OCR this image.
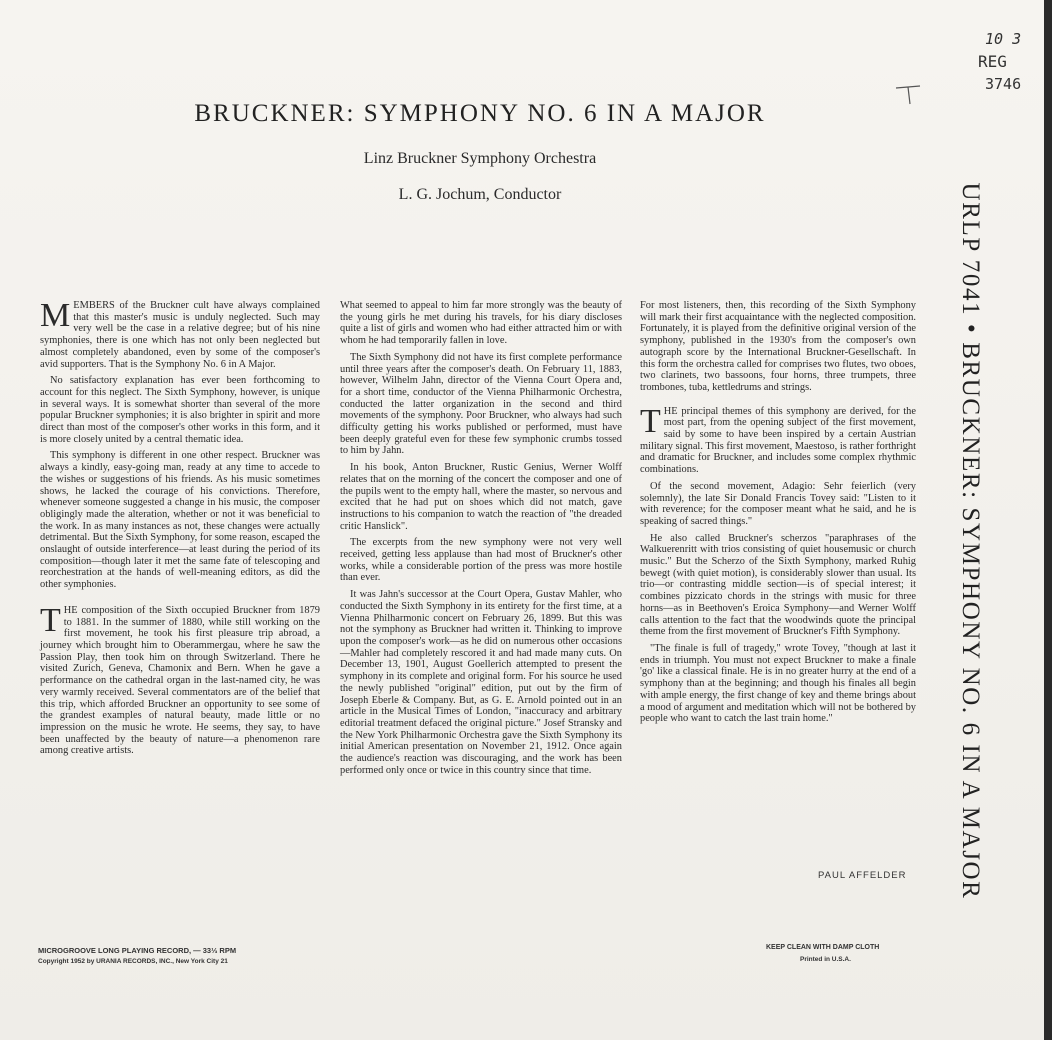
BRUCKNER: SYMPHONY NO. 6 IN A MAJOR
Linz Bruckner Symphony Orchestra
L. G. Jochum, Conductor
10 3
REG
3746

MEMBERS of the Bruckner cult have always complained that this master's music is unduly neglected. Such may very well be the case in a relative degree; but of his nine symphonies, there is one which has not only been neglected but almost completely abandoned, even by some of the composer's avid supporters. That is the Symphony No. 6 in A Major.

No satisfactory explanation has ever been forthcoming to account for this neglect. The Sixth Symphony, however, is unique in several ways. It is somewhat shorter than several of the more popular Bruckner symphonies; it is also brighter in spirit and more direct than most of the composer's other works in this form, and it is more closely united by a central thematic idea.

This symphony is different in one other respect. Bruckner was always a kindly, easy-going man, ready at any time to accede to the wishes or suggestions of his friends. As his music sometimes shows, he lacked the courage of his convictions. Therefore, whenever someone suggested a change in his music, the composer obligingly made the alteration, whether or not it was beneficial to the work. In as many instances as not, these changes were actually detrimental. But the Sixth Symphony, for some reason, escaped the onslaught of outside interference—at least during the period of its composition—though later it met the same fate of telescoping and reorchestration at the hands of well-meaning editors, as did the other symphonies.

THE composition of the Sixth occupied Bruckner from 1879 to 1881. In the summer of 1880, while still working on the first movement, he took his first pleasure trip abroad, a journey which brought him to Oberammergau, where he saw the Passion Play, then took him on through Switzerland. There he visited Zurich, Geneva, Chamonix and Bern. When he gave a performance on the cathedral organ in the last-named city, he was very warmly received. Several commentators are of the belief that this trip, which afforded Bruckner an opportunity to see some of the grandest examples of natural beauty, made little or no impression on the music he wrote. He seems, they say, to have been unaffected by the beauty of nature—a phenomenon rare among creative artists.

What seemed to appeal to him far more strongly was the beauty of the young girls he met during his travels, for his diary discloses quite a list of girls and women who had either attracted him or with whom he had temporarily fallen in love.

The Sixth Symphony did not have its first complete performance until three years after the composer's death. On February 11, 1883, however, Wilhelm Jahn, director of the Vienna Court Opera and, for a short time, conductor of the Vienna Philharmonic Orchestra, conducted the latter organization in the second and third movements of the symphony. Poor Bruckner, who always had such difficulty getting his works published or performed, must have been deeply grateful even for these few symphonic crumbs tossed to him by Jahn.

In his book, Anton Bruckner, Rustic Genius, Werner Wolff relates that on the morning of the concert the composer and one of the pupils went to the empty hall, where the master, so nervous and excited that he had put on shoes which did not match, gave instructions to his companion to watch the reaction of "the dreaded critic Hanslick".

The excerpts from the new symphony were not very well received, getting less applause than had most of Bruckner's other works, while a considerable portion of the press was more hostile than ever.

It was Jahn's successor at the Court Opera, Gustav Mahler, who conducted the Sixth Symphony in its entirety for the first time, at a Vienna Philharmonic concert on February 26, 1899. But this was not the symphony as Bruckner had written it. Thinking to improve upon the composer's work—as he did on numerous other occasions—Mahler had completely rescored it and had made many cuts. On December 13, 1901, August Goellerich attempted to present the symphony in its complete and original form. For his source he used the newly published "original" edition, put out by the firm of Joseph Eberle & Company. But, as G. E. Arnold pointed out in an article in the Musical Times of London, "inaccuracy and arbitrary editorial treatment defaced the original picture." Josef Stransky and the New York Philharmonic Orchestra gave the Sixth Symphony its initial American presentation on November 21, 1912. Once again the audience's reaction was discouraging, and the work has been performed only once or twice in this country since that time.

For most listeners, then, this recording of the Sixth Symphony will mark their first acquaintance with the neglected composition. Fortunately, it is played from the definitive original version of the symphony, published in the 1930's from the composer's own autograph score by the International Bruckner-Gesellschaft. In this form the orchestra called for comprises two flutes, two oboes, two clarinets, two bassoons, four horns, three trumpets, three trombones, tuba, kettledrums and strings.

THE principal themes of this symphony are derived, for the most part, from the opening subject of the first movement, said by some to have been inspired by a certain Austrian military signal. This first movement, Maestoso, is rather forthright and dramatic for Bruckner, and includes some complex rhythmic combinations.

Of the second movement, Adagio: Sehr feierlich (very solemnly), the late Sir Donald Francis Tovey said: "Listen to it with reverence; for the composer meant what he said, and he is speaking of sacred things."

He also called Bruckner's scherzos "paraphrases of the Walkuerenritt with trios consisting of quiet housemusic or church music." But the Scherzo of the Sixth Symphony, marked Ruhig bewegt (with quiet motion), is considerably slower than usual. Its trio—or contrasting middle section—is of special interest; it combines pizzicato chords in the strings with music for three horns—as in Beethoven's Eroica Symphony—and Werner Wolff calls attention to the fact that the woodwinds quote the principal theme from the first movement of Bruckner's Fifth Symphony.

"The finale is full of tragedy," wrote Tovey, "though at last it ends in triumph. You must not expect Bruckner to make a finale 'go' like a classical finale. He is in no greater hurry at the end of a symphony than at the beginning; and though his finales all begin with ample energy, the first change of key and theme brings about a mood of argument and meditation which will not be bothered by people who want to catch the last train home."

PAUL AFFELDER URLP 7041 • BRUCKNER: SYMPHONY NO. 6 IN A MAJOR
MICROGROOVE LONG PLAYING RECORD, — 33⅓ RPM
Copyright 1952 by URANIA RECORDS, INC., New York City 21
KEEP CLEAN WITH DAMP CLOTH
Printed in U.S.A.
